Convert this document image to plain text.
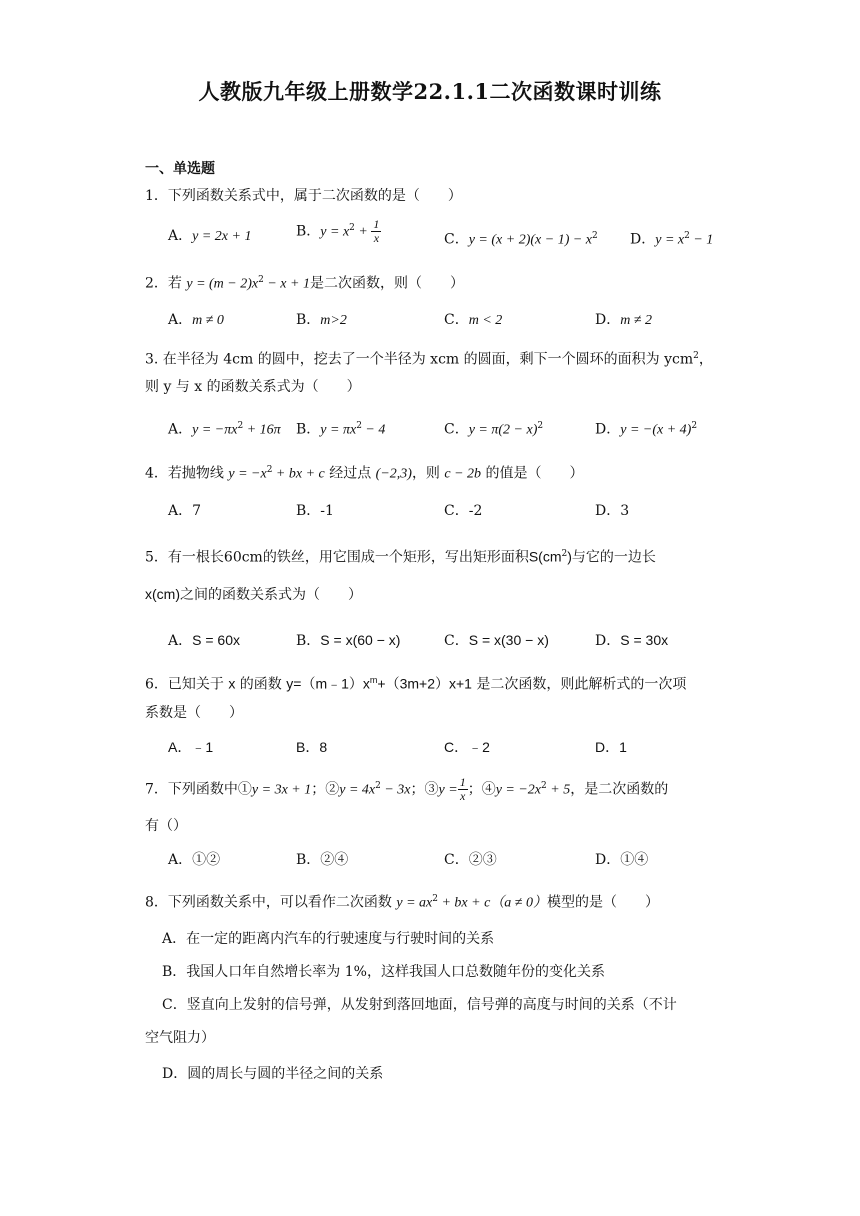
人教版九年级上册数学22.1.1二次函数课时训练
一、单选题
1．下列函数关系式中，属于二次函数的是（　　）
A．y = 2x + 1	B．$y = x^2 + \frac{1}{x}$	C．$y = (x + 2)(x - 1) - x^2$ D．$y = x^2 - 1$
2．若 $y = (m - 2)x^2 - x + 1$是二次函数，则（　　）
A．m ≠ 0	B．m>2	C．m < 2	D．m ≠ 2
3. 在半径为 4cm 的圆中，挖去了一个半径为 xcm 的圆面，剩下一个圆环的面积为 ycm$^2$，
则 y 与 x 的函数关系式为（　　）
A．$y = -\pi x^2 + 16\pi$ B．$y = \pi x^2 - 4$	C．$y = \pi(2 - x)^2$	D．$y = -(x + 4)^2$
4．若抛物线 $y = -x^2$ + bx + c 经过点 (−2,3)，则 c − 2b 的值是（　　）
A．7	B．-1	C．-2	D．3
5．有一根长60cm的铁丝，用它围成一个矩形，写出矩形面积$S(cm^2)$与它的一边长
x(cm)之间的函数关系式为（　　）
A．S = 60x	B．S = x(60 − x)	C．S = x(30 − x)	D．S = 30x
6．已知关于 x 的函数 $y=(m﹣1)x^m+(3m+2)x+1$ 是二次函数，则此解析式的一次项
系数是（　　）
A．﹣1	B．8	C．﹣2	D．1
7．下列函数中①y = 3x + 1；②y = $4x^2 - 3x$；③y = $\frac{1}{x}$ ；④y = $-2x^2 + 5$，是二次函数的
有（）
A．①②	B．②④	C．②③	D．①④
8．下列函数关系中，可以看作二次函数 $y = ax^2$ + bx + c（a ≠ 0）模型的是（　　）
A．在一定的距离内汽车的行驶速度与行驶时间的关系
B．我国人口年自然增长率为 1%，这样我国人口总数随年份的变化关系
C．竖直向上发射的信号弹，从发射到落回地面，信号弹的高度与时间的关系（不计
空气阻力）
D．圆的周长与圆的半径之间的关系
